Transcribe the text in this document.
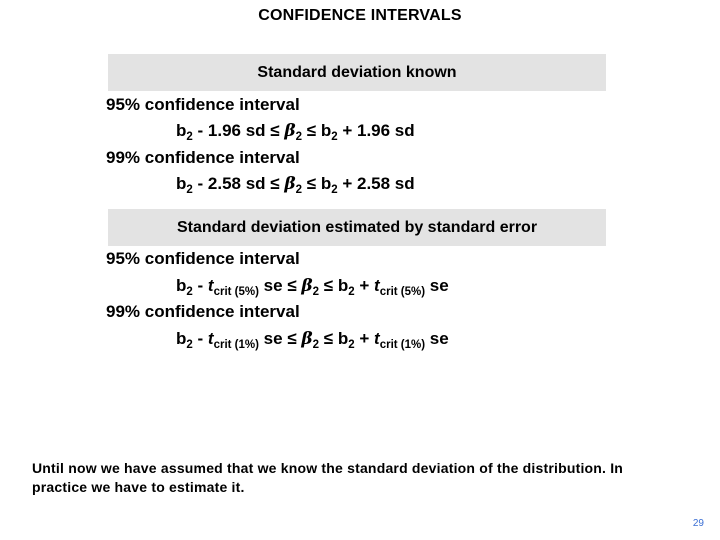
CONFIDENCE INTERVALS
Standard deviation known
95% confidence interval
$b_2 - 1.96$ sd ≤ $\beta_2 \le b_2 + 1.96$ sd
99% confidence interval
$b_2 - 2.58$ sd ≤ $\beta_2 \le b_2 + 2.58$ sd
Standard deviation estimated by standard error
95% confidence interval
$b_2 - t_{crit (5\%)}$ se ≤ $\beta_2 \le b_2 + t_{crit (5\%)}$ se
99% confidence interval
$b_2 - t_{crit (1\%)}$ se ≤ $\beta_2 \le b_2 + t_{crit (1\%)}$ se
Until now we have assumed that we know the standard deviation of the distribution. In practice we have to estimate it.
29
